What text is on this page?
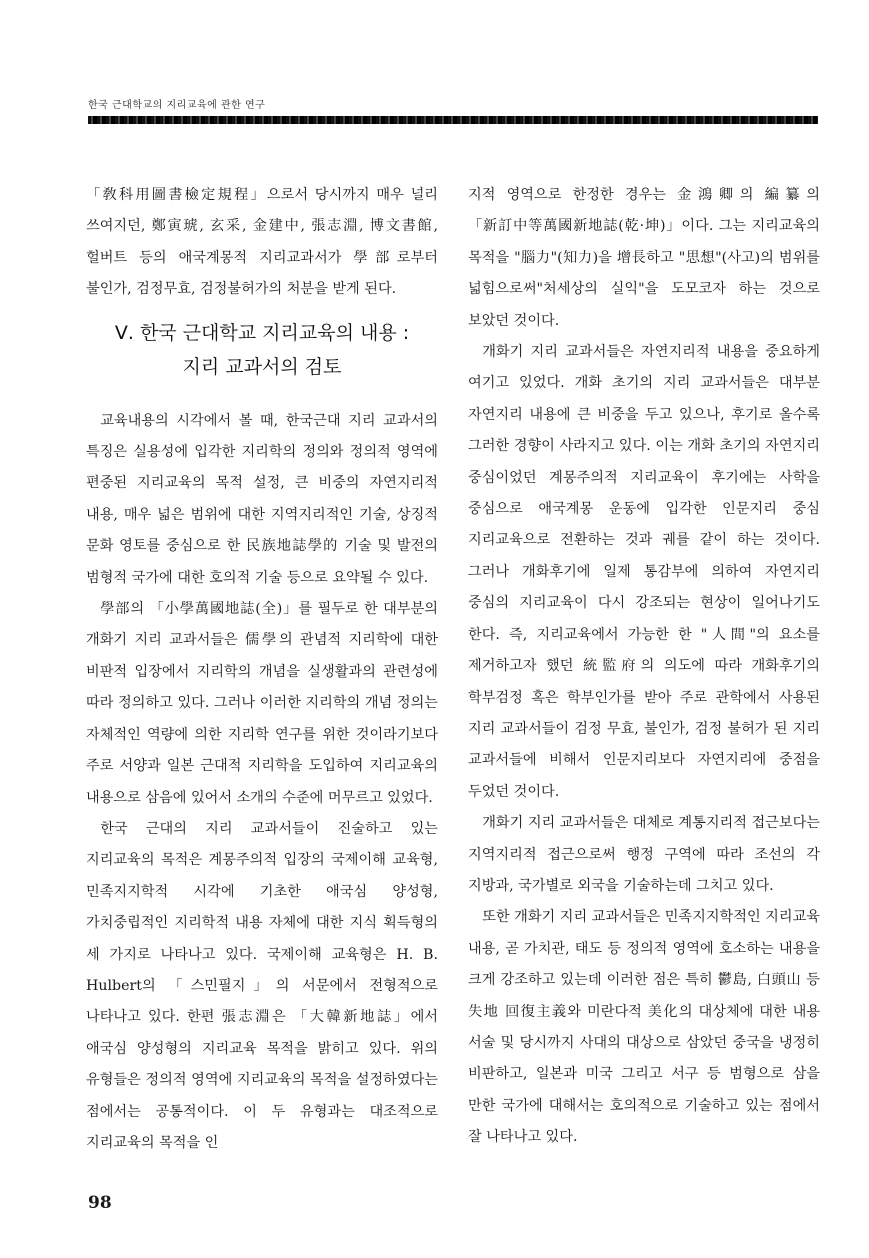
한국 근대학교의 지리교육에 관한 연구

「敎科用圖書檢定規程」으로서 당시까지 매우 널리 쓰여지던, 鄭寅琥, 玄采, 金建中, 張志淵, 博文書館, 헐버트 등의 애국계몽적 지리교과서가 學部로부터 불인가, 검정무효, 검정불허가의 처분을 받게 된다.

Ⅴ. 한국 근대학교 지리교육의 내용 :
지리 교과서의 검토

교육내용의 시각에서 볼 때, 한국근대 지리 교과서의 특징은 실용성에 입각한 지리학의 정의와 정의적 영역에 편중된 지리교육의 목적 설정, 큰 비중의 자연지리적 내용, 매우 넓은 범위에 대한 지역지리적인 기술, 상징적 문화 영토를 중심으로 한 民族地誌學的 기술 및 발전의 범형적 국가에 대한 호의적 기술 등으로 요약될 수 있다.

學部의 「小學萬國地誌(全)」를 필두로 한 대부분의 개화기 지리 교과서들은 儒學의 관념적 지리학에 대한 비판적 입장에서 지리학의 개념을 실생활과의 관련성에 따라 정의하고 있다. 그러나 이러한 지리학의 개념 정의는 자체적인 역량에 의한 지리학 연구를 위한 것이라기보다 주로 서양과 일본 근대적 지리학을 도입하여 지리교육의 내용으로 삼음에 있어서 소개의 수준에 머무르고 있었다.

한국 근대의 지리 교과서들이 진술하고 있는 지리교육의 목적은 계몽주의적 입장의 국제이해 교육형, 민족지지학적 시각에 기초한 애국심 양성형, 가치중립적인 지리학적 내용 자체에 대한 지식 획득형의 세 가지로 나타나고 있다. 국제이해 교육형은 H. B. Hulbert의 「스민필지」의 서문에서 전형적으로 나타나고 있다. 한편 張志淵은 「大韓新地誌」에서 애국심 양성형의 지리교육 목적을 밝히고 있다. 위의 유형들은 정의적 영역에 지리교육의 목적을 설정하였다는 점에서는 공통적이다. 이 두 유형과는 대조적으로 지리교육의 목적을 인

지적 영역으로 한정한 경우는 金鴻卿의 編纂의 「新訂中等萬國新地誌(乾·坤)」이다. 그는 지리교육의 목적을 "腦力"(知力)을 增長하고 "思想"(사고)의 범위를 넓힘으로써"처세상의 실익"을 도모코자 하는 것으로 보았던 것이다.

개화기 지리 교과서들은 자연지리적 내용을 중요하게 여기고 있었다. 개화 초기의 지리 교과서들은 대부분 자연지리 내용에 큰 비중을 두고 있으나, 후기로 올수록 그러한 경향이 사라지고 있다. 이는 개화 초기의 자연지리 중심이었던 계몽주의적 지리교육이 후기에는 사학을 중심으로 애국계몽 운동에 입각한 인문지리 중심 지리교육으로 전환하는 것과 궤를 같이 하는 것이다. 그러나 개화후기에 일제 통감부에 의하여 자연지리 중심의 지리교육이 다시 강조되는 현상이 일어나기도 한다. 즉, 지리교육에서 가능한 한 "人間"의 요소를 제거하고자 했던 統監府의 의도에 따라 개화후기의 학부검정 혹은 학부인가를 받아 주로 관학에서 사용된 지리 교과서들이 검정 무효, 불인가, 검정 불허가 된 지리 교과서들에 비해서 인문지리보다 자연지리에 중점을 두었던 것이다.

개화기 지리 교과서들은 대체로 계통지리적 접근보다는 지역지리적 접근으로써 행정 구역에 따라 조선의 각 지방과, 국가별로 외국을 기술하는데 그치고 있다.

또한 개화기 지리 교과서들은 민족지지학적인 지리교육 내용, 곧 가치관, 태도 등 정의적 영역에 호소하는 내용을 크게 강조하고 있는데 이러한 점은 특히 鬱島, 白頭山 등 失地 回復主義와 미란다적 美化의 대상체에 대한 내용 서술 및 당시까지 사대의 대상으로 삼았던 중국을 냉정히 비판하고, 일본과 미국 그리고 서구 등 범형으로 삼을 만한 국가에 대해서는 호의적으로 기술하고 있는 점에서 잘 나타나고 있다.

98
